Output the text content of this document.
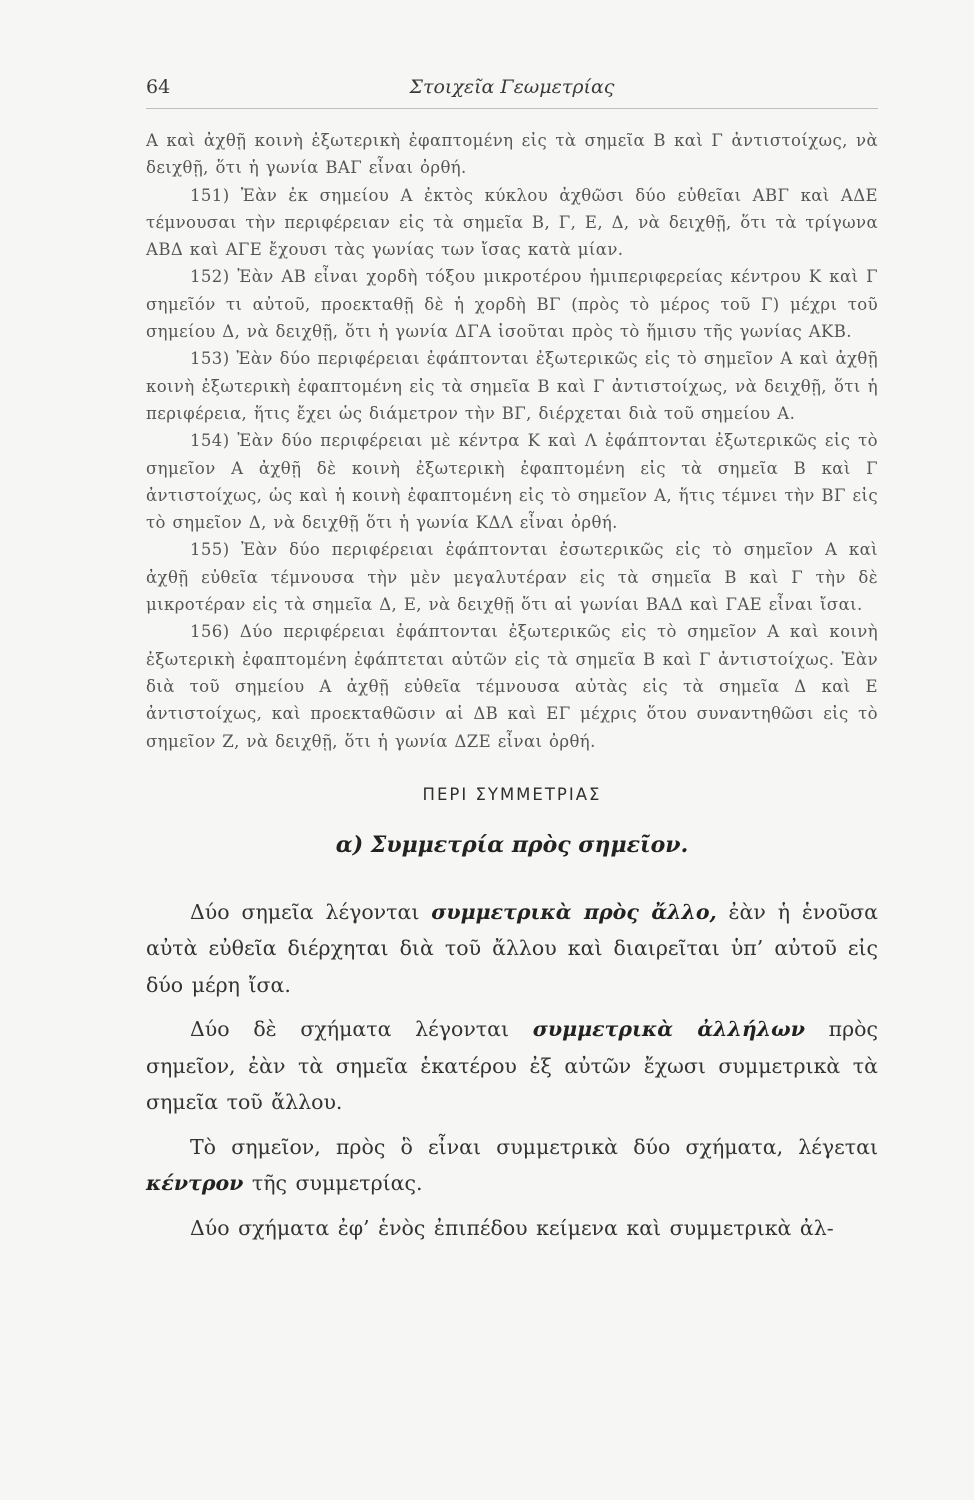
64	Στοιχεῖα Γεωμετρίας

Α καὶ ἀχθῇ κοινὴ ἐξωτερικὴ ἐφαπτομένη εἰς τὰ σημεῖα Β καὶ Γ ἀντιστοίχως, νὰ δειχθῇ, ὅτι ἡ γωνία ΒΑΓ εἶναι ὀρθή.

151) Ἐὰν ἐκ σημείου Α ἐκτὸς κύκλου ἀχθῶσι δύο εὐθεῖαι ΑΒΓ καὶ ΑΔΕ τέμνουσαι τὴν περιφέρειαν εἰς τὰ σημεῖα Β, Γ, Ε, Δ, νὰ δειχθῇ, ὅτι τὰ τρίγωνα ΑΒΔ καὶ ΑΓΕ ἔχουσι τὰς γωνίας των ἴσας κατὰ μίαν.

152) Ἐὰν ΑΒ εἶναι χορδὴ τόξου μικροτέρου ἡμιπεριφερείας κέντρου Κ καὶ Γ σημεῖόν τι αὐτοῦ, προεκταθῇ δὲ ἡ χορδὴ ΒΓ (πρὸς τὸ μέρος τοῦ Γ) μέχρι τοῦ σημείου Δ, νὰ δειχθῇ, ὅτι ἡ γωνία ΔΓΑ ἰσοῦται πρὸς τὸ ἥμισυ τῆς γωνίας ΑΚΒ.

153) Ἐὰν δύο περιφέρειαι ἐφάπτονται ἐξωτερικῶς εἰς τὸ σημεῖον Α καὶ ἀχθῇ κοινὴ ἐξωτερικὴ ἐφαπτομένη εἰς τὰ σημεῖα Β καὶ Γ ἀντιστοίχως, νὰ δειχθῇ, ὅτι ἡ περιφέρεια, ἥτις ἔχει ὡς διάμετρον τὴν ΒΓ, διέρχεται διὰ τοῦ σημείου Α.

154) Ἐὰν δύο περιφέρειαι μὲ κέντρα Κ καὶ Λ ἐφάπτονται ἐξωτερικῶς εἰς τὸ σημεῖον Α ἀχθῇ δὲ κοινὴ ἐξωτερικὴ ἐφαπτομένη εἰς τὰ σημεῖα Β καὶ Γ ἀντιστοίχως, ὡς καὶ ἡ κοινὴ ἐφαπτομένη εἰς τὸ σημεῖον Α, ἥτις τέμνει τὴν ΒΓ εἰς τὸ σημεῖον Δ, νὰ δειχθῇ ὅτι ἡ γωνία ΚΔΛ εἶναι ὀρθή.

155) Ἐὰν δύο περιφέρειαι ἐφάπτονται ἐσωτερικῶς εἰς τὸ σημεῖον Α καὶ ἀχθῇ εὐθεῖα τέμνουσα τὴν μὲν μεγαλυτέραν εἰς τὰ σημεῖα Β καὶ Γ τὴν δὲ μικροτέραν εἰς τὰ σημεῖα Δ, Ε, νὰ δειχθῇ ὅτι αἱ γωνίαι ΒΑΔ καὶ ΓΑΕ εἶναι ἴσαι.

156) Δύο περιφέρειαι ἐφάπτονται ἐξωτερικῶς εἰς τὸ σημεῖον Α καὶ κοινὴ ἐξωτερικὴ ἐφαπτομένη ἐφάπτεται αὐτῶν εἰς τὰ σημεῖα Β καὶ Γ ἀντιστοίχως. Ἐὰν διὰ τοῦ σημείου Α ἀχθῇ εὐθεῖα τέμνουσα αὐτὰς εἰς τὰ σημεῖα Δ καὶ Ε ἀντιστοίχως, καὶ προεκταθῶσιν αἱ ΔΒ καὶ ΕΓ μέχρις ὅτου συναντηθῶσι εἰς τὸ σημεῖον Ζ, νὰ δειχθῇ, ὅτι ἡ γωνία ΔΖΕ εἶναι ὀρθή.

ΠΕΡΙ ΣΥΜΜΕΤΡΙΑΣ
α) Συμμετρία πρὸς σημεῖον.

Δύο σημεῖα λέγονται συμμετρικὰ πρὸς ἄλλο, ἐὰν ἡ ἑνοῦσα αὐτὰ εὐθεῖα διέρχηται διὰ τοῦ ἄλλου καὶ διαιρεῖται ὑπ’ αὐτοῦ εἰς δύο μέρη ἴσα.

Δύο δὲ σχήματα λέγονται συμμετρικὰ ἀλλήλων πρὸς σημεῖον, ἐὰν τὰ σημεῖα ἑκατέρου ἐξ αὐτῶν ἔχωσι συμμετρικὰ τὰ σημεῖα τοῦ ἄλλου.

Τὸ σημεῖον, πρὸς ὃ εἶναι συμμετρικὰ δύο σχήματα, λέγεται κέντρον τῆς συμμετρίας.

Δύο σχήματα ἐφ’ ἑνὸς ἐπιπέδου κείμενα καὶ συμμετρικὰ ἀλ-
